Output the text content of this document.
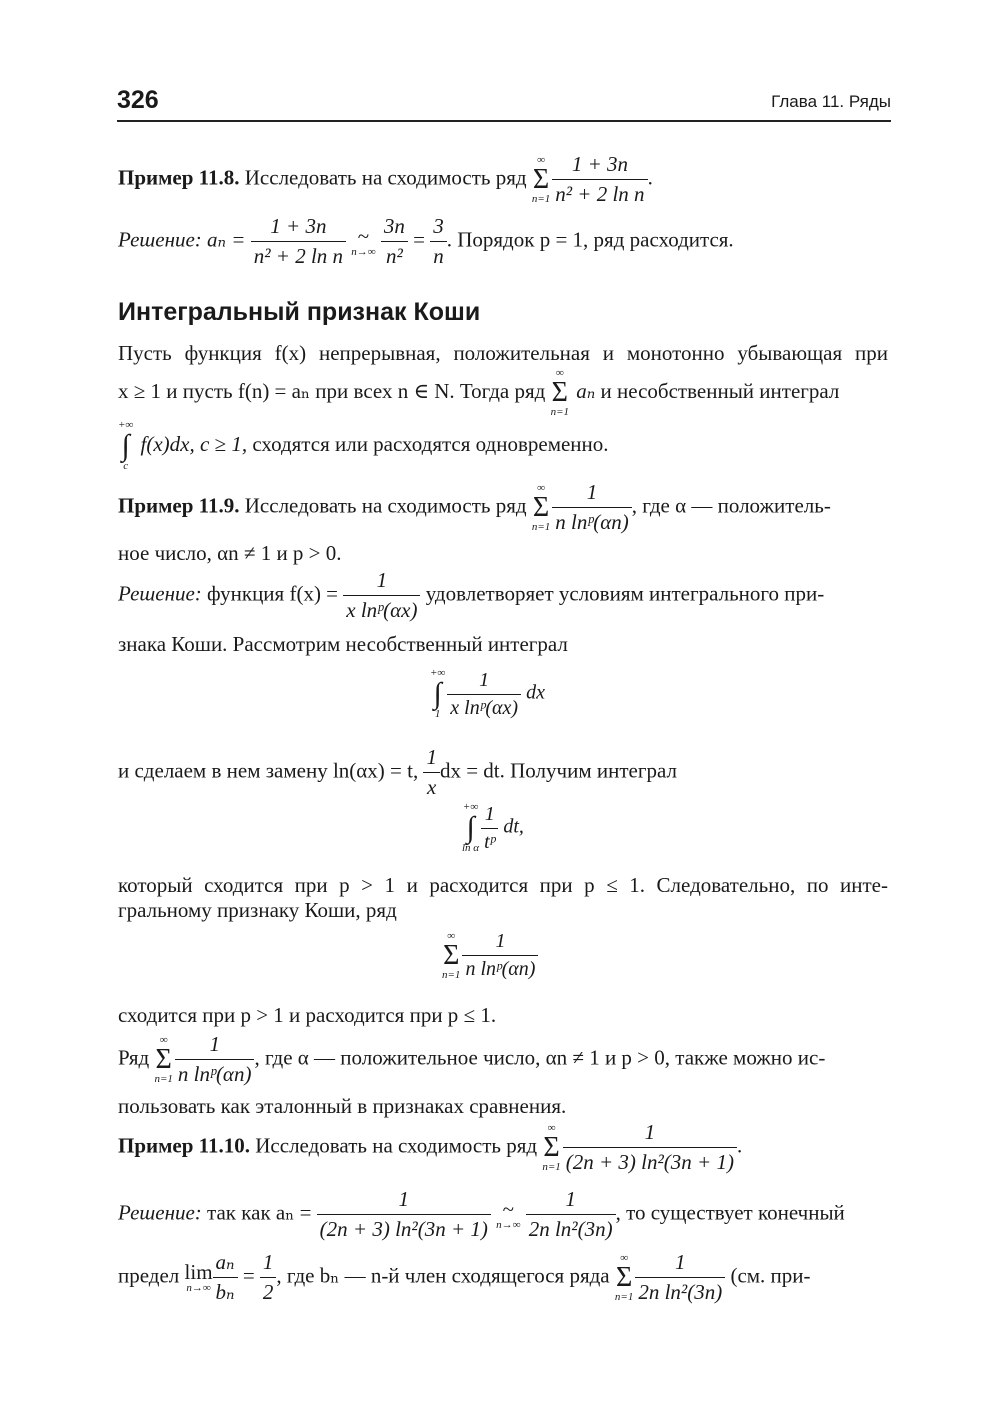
326	Глава 11. Ряды
Пример 11.8. Исследовать на сходимость ряд
∞
Σ
$n=1 \frac{1 + 3n}{\text{n² + 2 ln n}}$ .
Решение: $a_n = \frac{1 + 3n}{\text{n² + 2 ln n}}$ ~
n→∞
$\frac{3n}{\text{n²}} = \frac{3}{n}$ . Порядок p = 1, ряд расходится.
Интегральный признак Коши
Пусть функция f(x) непрерывная, положительная и монотонно убывающая при
x ≥ 1 и пусть f(n) = aₙ при всех n ∈ N. Тогда ряд
∞
Σ
n=1
aₙ и несобственный интеграл
+∞
∫
c
f(x)dx, c ≥ 1, сходятся или расходятся одновременно.
Пример 11.9. Исследовать на сходимость ряд
∞
Σ
$n=1 \frac{1}{\text{n lnᵖ(αn)}}$ , где α — положитель-
ное число, αn ≠ 1 и p > 0.
Решение: функция $f(x) = \frac{1}{\text{x lnᵖ(αx)}}$ удовлетворяет условиям интегрального при-
знака Коши. Рассмотрим несобственный интеграл
+∞
∫
$1 \frac{1}{\text{x lnᵖ(αx)}}$ dx
и сделаем в нем замену ln(αx) = t, $\frac{1}{x}$ dx = dt. Получим интеграл
+∞
∫
ln α $\frac{1}{\text{tᵖ}}$ dt,
который сходится при p > 1 и расходится при p ≤ 1. Следовательно, по инте-
гральному признаку Коши, ряд
∞
Σ
$n=1 \frac{1}{\text{n lnᵖ(αn)}}$
сходится при p > 1 и расходится при p ≤ 1.
Ряд
∞
Σ
$n=1 \frac{1}{\text{n lnᵖ(αn)}}$ , где α — положительное число, αn ≠ 1 и p > 0, также можно ис-
пользовать как эталонный в признаках сравнения.
Пример 11.10. Исследовать на сходимость ряд
∞
Σ
$n=1 \frac{1}{\text{(2n + 3) ln²(3n + 1)}}$ .
Решение: так как $a_n = \frac{1}{\text{(2n + 3) ln²(3n + 1)}}$ ~
n→∞
$\frac{1}{\text{2n ln²(3n)}}$ , то существует конечный
предел lim
$n\to\infty \frac{\text{aₙ}}{\text{bₙ}} = \frac{1}{2}$ , где bₙ — n-й член сходящегося ряда
∞
Σ
$n=1 \frac{1}{\text{2n ln²(3n)}} (см$. при-
